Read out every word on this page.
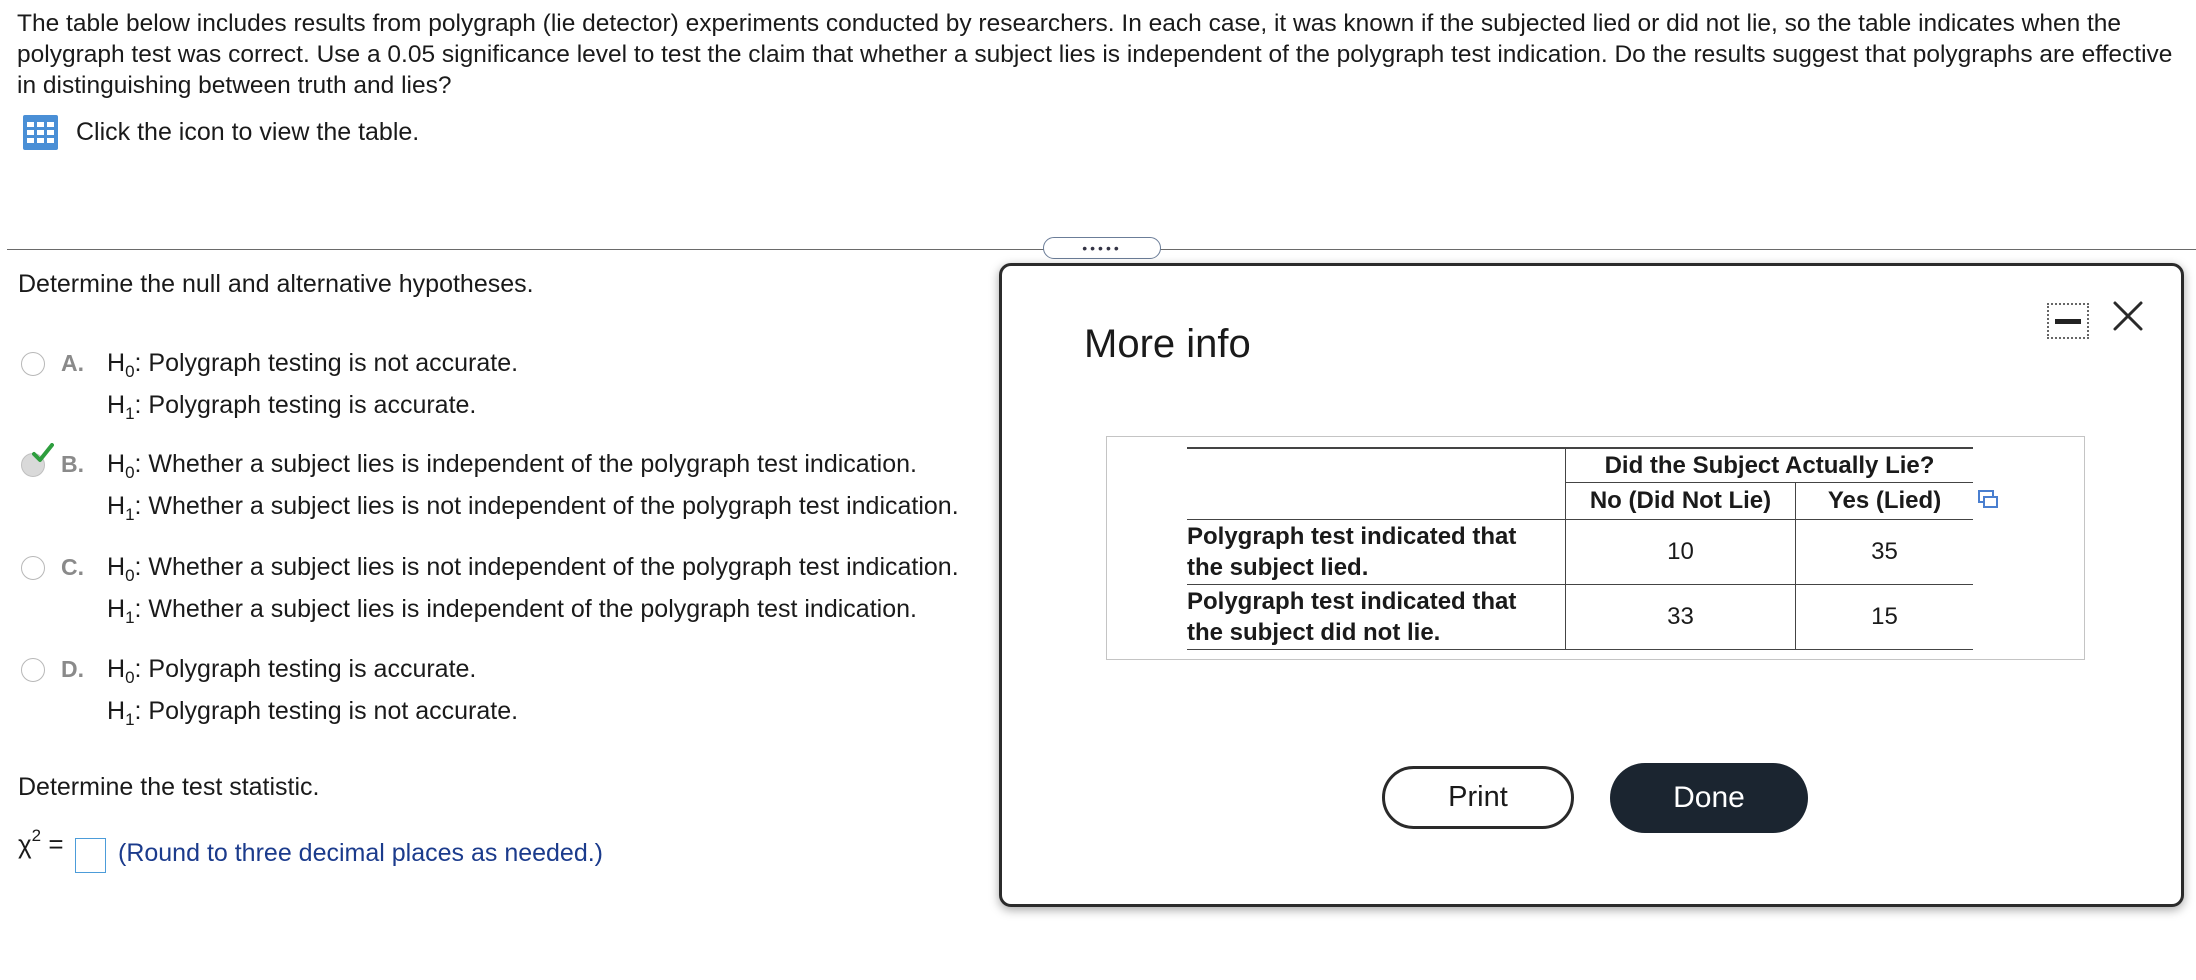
The table below includes results from polygraph (lie detector) experiments conducted by researchers. In each case, it was known if the subjected lied or did not lie, so the table indicates when the polygraph test was correct. Use a 0.05 significance level to test the claim that whether a subject lies is independent of the polygraph test indication. Do the results suggest that polygraphs are effective in distinguishing between truth and lies?

Click the icon to view the table.
•••••

Determine the null and alternative hypotheses.

A. $H_0$: Polygraph testing is not accurate.
$H_1$: Polygraph testing is accurate.
B. $H_0$: Whether a subject lies is independent of the polygraph test indication.
$H_1$: Whether a subject lies is not independent of the polygraph test indication.
C. $H_0$: Whether a subject lies is not independent of the polygraph test indication.
$H_1$: Whether a subject lies is independent of the polygraph test indication.
D. $H_0$: Polygraph testing is accurate.
$H_1$: Polygraph testing is not accurate.

Determine the test statistic.

$\chi^2$ = (Round to three decimal places as needed.)
More info
	Did the Subject Actually Lie?	
	No (Did Not Lie)	Yes (Lied)
Polygraph test indicated that
the subject lied.	10	35
Polygraph test indicated that
the subject did not lie.	33	15
Print	Done
